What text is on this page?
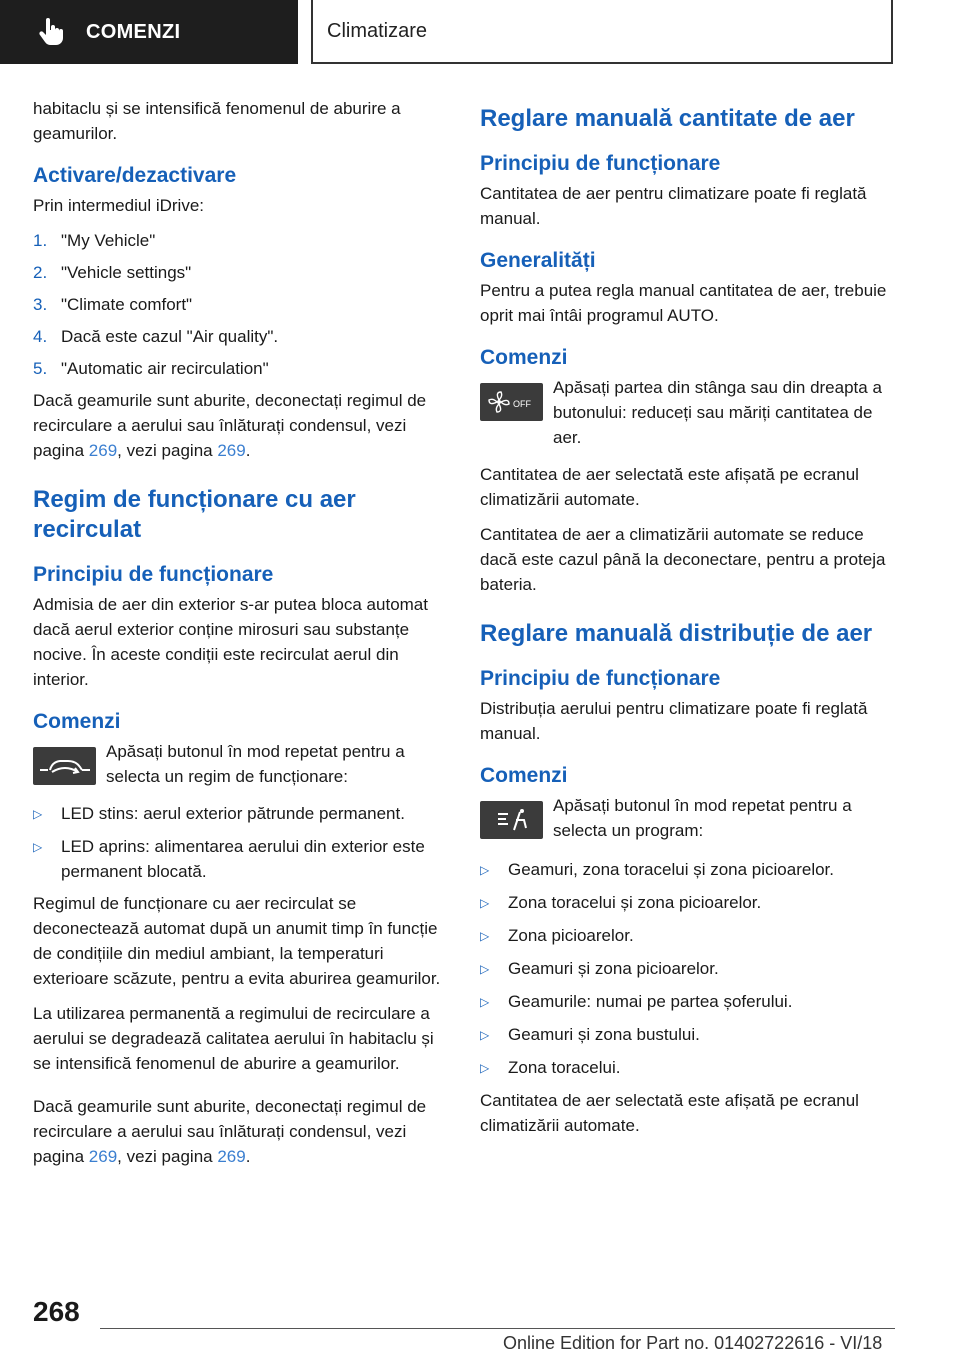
COMENZI	Climatizare

habitaclu și se intensifică fenomenul de aburire a geamurilor.

Activare/dezactivare

Prin intermediul iDrive:

1. "My Vehicle"
2. "Vehicle settings"
3. "Climate comfort"
4. Dacă este cazul "Air quality".
5. "Automatic air recirculation"

Dacă geamurile sunt aburite, deconectați regimul de recirculare a aerului sau înlăturați condensul, vezi pagina 269, vezi pagina 269.

Regim de funcționare cu aer recirculat
Principiu de funcționare

Admisia de aer din exterior s-ar putea bloca automat dacă aerul exterior conține mirosuri sau substanțe nocive. În aceste condiții este recirculat aerul din interior.

Comenzi

Apăsați butonul în mod repetat pentru a selecta un regim de funcționare:

▷	LED stins: aerul exterior pătrunde permanent.
▷	LED aprins: alimentarea aerului din exterior este permanent blocată.

Regimul de funcționare cu aer recirculat se deconectează automat după un anumit timp în funcție de condițiile din mediul ambiant, la temperaturi exterioare scăzute, pentru a evita aburirea geamurilor.

La utilizarea permanentă a regimului de recirculare a aerului se degradează calitatea aerului în habitaclu și se intensifică fenomenul de aburire a geamurilor.

Dacă geamurile sunt aburite, deconectați regimul de recirculare a aerului sau înlăturați condensul, vezi pagina 269, vezi pagina 269.

Reglare manuală cantitate de aer
Principiu de funcționare

Cantitatea de aer pentru climatizare poate fi reglată manual.

Generalități

Pentru a putea regla manual cantitatea de aer, trebuie oprit mai întâi programul AUTO.

Comenzi
OFF

Apăsați partea din stânga sau din dreapta a butonului: reduceți sau măriți cantitatea de aer.

Cantitatea de aer selectată este afișată pe ecranul climatizării automate.

Cantitatea de aer a climatizării automate se reduce dacă este cazul până la deconectare, pentru a proteja bateria.

Reglare manuală distribuție de aer
Principiu de funcționare

Distribuția aerului pentru climatizare poate fi reglată manual.

Comenzi

Apăsați butonul în mod repetat pentru a selecta un program:

▷	Geamuri, zona toracelui și zona picioarelor.
▷	Zona toracelui și zona picioarelor.
▷	Zona picioarelor.
▷	Geamuri și zona picioarelor.
▷	Geamurile: numai pe partea șoferului.
▷	Geamuri și zona bustului.
▷	Zona toracelui.

Cantitatea de aer selectată este afișată pe ecranul climatizării automate.

268
Online Edition for Part no. 01402722616 - VI/18
